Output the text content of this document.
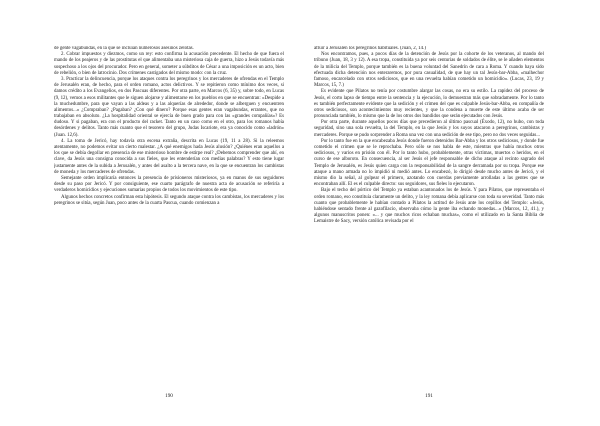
de gente vagabundas, en la que se incluían numerosos asesinos zelotas.

2. Cobrar impuestos y diezmos, como un rey: esto confirma la acusación precedente. El hecho de que fuera el mando de los peajeros y de las prostitutas el que alimentaba una misteriosa caja de guerra, hizo a Jesús todavía más sospechoso a los ojos del procurador. Pero en general, someter a súbditos de César a una imposición es un acto, bien de rebelión, o bien de latrocinio. Dos crímenes castigados del mismo modo: con la cruz.

3. Practicar la delincuencia, porque los ataques contra los peregrinos y los mercaderes de ofrendas en el Templo de Jerusalén eran, de hecho, para el orden romano, actos delictivos. Y se repitieron como mínimo dos veces, si damos crédito a los Evangelios, en dos Pascuas diferentes. Por otra parte, en Marcos (6, 35) y, sobre todo, en Lucas (9, 12), vemos a esos militantes que le siguen alojarse y alimentarse en los pueblos en que se encuentran: «Despide a la muchedumbre, para que vayan a las aldeas y a las alquerías de alrededor, donde se alberguen y encuentren alimentos...» ¿Compraban? ¿Pagaban? ¿Con qué dinero? Porque esas gentes eran vagabundas, errantes, que no trabajaban en absoluto. ¿La hospitalidad oriental se ejercía de buen grado para con las «grandes compañías»? Es dudoso. Y si pagaban, era con el producto del racket. Tanto en un caso como en el otro, para los romanos había desórdenes y delitos. Tanto más cuanto que el tesorero del grupo, Judas Iscariote, era ya conocido como «ladrón» (Juan. 12,6).

4. La toma de Jericó, hay todavía otra escena extraña, descrita en Lucas (19, 11 a 28). Si la releemos atentamente, no podemos evitar un cierto malestar. ¿A qué enemigos hada Jesús alusión? ¿Quiénes eran aquellos a los que se debía degollar en presencia de ese misterioso hombre de estirpe real? ¿Debemos comprender que ahí, en clave, da Jesús una consigna conocida a sus fieles, que les entenderían con medias palabras? Y esto tiene lugar justamente antes de la subida a Jerusalén, y antes del asalto a la tercera nave, en la que se encuentran los cambistas de moneda y los mercaderes de ofrendas.

Semejante orden implicaría entonces la presencia de prisioneros misteriosos, ya en manos de sus seguidores desde su paso por Jericó. Y por consiguiente, ese cuarto parágrafo de nuestra acta de acusación se referiría a verdaderos homicidios y ejecuciones sumarias propios de todos los movimientos de este tipo.

Algunos hechos concretos confirman esta hipótesis. El segundo ataque contra los cambistas, los mercaderes y los peregrinos se sitúa, según Juan, poco antes de la cuarta Pascua, cuando comienzan a

afluir a Jerusalén los peregrinos habituales. (Juan, 2, 14.)

Nos encontramos, pues, a pocos días de la detención de Jesús por la cohorte de los veteranos, al mando del tribuno (Juan, 18, 3 y 12). A esa tropa, constituida ya por seis centurias de soldados de élite, se le añaden elementos de la milicia del Templo, porque también es la buena voluntad del Sanedrín de cara a Roma. Y cuando haya sido efectuada dicha detención nos enteraremos, por pura casualidad, de que hay un tal Jesús-bar-Abba, «malhechor famoso, encarcelado con otros sediciosos, que en una revuelta habían cometido un homicidio». (Lucas, 23, 19 y Marcos, 15, 7.)

Es evidente que Pilatos no tenía por costumbre alargar las cosas, no era su estilo. La rapidez del proceso de Jesús, el corto lapso de tiempo entre la sentencia y la ejecución, lo demuestran más que sobradamente. Por lo tanto es también perfectamente evidente que la sedición y el crimen del que es culpable Jesús-bar-Abba, en compañía de otros sediciosos, son acontecimientos muy recientes, y que la condena a muerte de este último acaba de ser pronunciada también, lo mismo que la de los otros dos bandidos que serán ejecutados con Jesús.

Por otra parte, durante aquellos pocos días que precedieron al último pascual (Éxodo, 12), no hubo, con toda seguridad, sino una sola revuelta, la del Templo, en la que Jesús y los suyos atacaron a peregrinos, cambistas y mercaderes. Porque se pudo sorprender a Roma una vez con una sedición de ese tipo, pero no dos veces seguidas...

Por lo tanto fue en la que encabezaba Jesús donde fueron detenidos Bar-Abba y los otros sediciosos, y donde fue cometido el crimen que se le reprochaba. Pero sólo se nos habla de este, mientras que había muchos otros sediciosos, y varios en prisión con él. Por lo tanto hubo, probablemente, otras víctimas, muertos o heridos, en el curso de ese alboroto. En consecuencia, al ser Jesús el jefe responsable de dicho ataque al recinto sagrado del Templo de Jerusalén, es Jesús quien carga con la responsabilidad de la sangre derramada por su tropa. Porque ese ataque a mano armada no lo impidió ni medió antes. Lo encabezó, lo dirigió desde mucho antes de Jericó, y el mismo dio la señal, al golpear el primero, azotando con cuerdas previamente arrolladas a las gentes que se encontraban allí. El es el culpable directo: sus seguidores, sus fieles lo ejecutaron.

Bajo el techo del pórtico del Templo ya estaban acantonados los de Jesús. Y para Pilatos, que representaba el orden romano, eso constituía claramente un delito, y la ley romana debía aplicarse con toda su severidad. Tanto más cuanto que probablemente le habían contado a Pilatos la actitud de Jesús ante los cepillos del Templo: «Jesús, habiéndose sentado frente al gazofilacio, observaba cómo la gente iba echando monedas...» (Marcos, 12, 41.), y algunos manuscritos ponen: «... y que muchos ricos echaban muchas», como el utilizado en la Santa Biblia de Lemaistre de Sacy, versión católica revisada por el

190	191
